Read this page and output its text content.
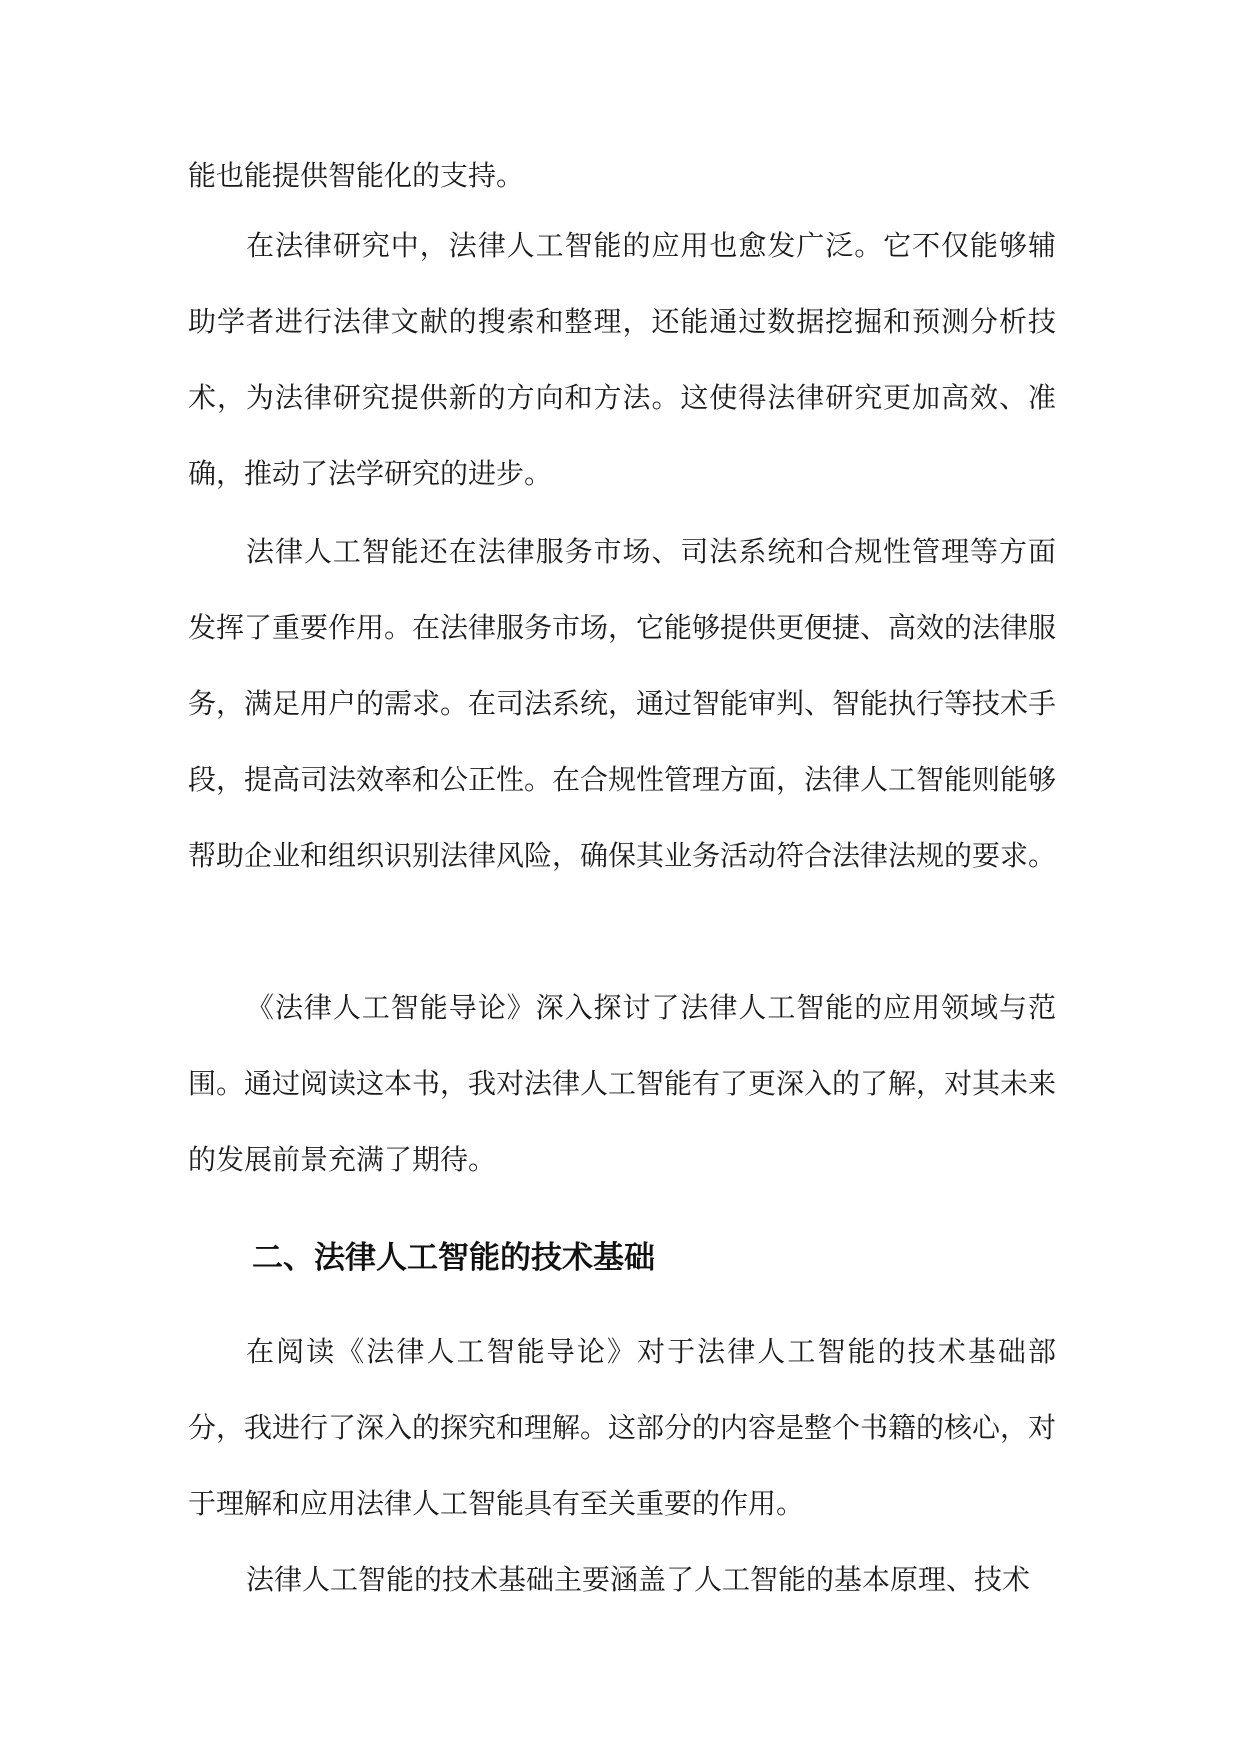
能也能提供智能化的支持。

在法律研究中，法律人工智能的应用也愈发广泛。它不仅能够辅助学者进行法律文献的搜索和整理，还能通过数据挖掘和预测分析技术，为法律研究提供新的方向和方法。这使得法律研究更加高效、准确，推动了法学研究的进步。

法律人工智能还在法律服务市场、司法系统和合规性管理等方面发挥了重要作用。在法律服务市场，它能够提供更便捷、高效的法律服务，满足用户的需求。在司法系统，通过智能审判、智能执行等技术手段，提高司法效率和公正性。在合规性管理方面，法律人工智能则能够帮助企业和组织识别法律风险，确保其业务活动符合法律法规的要求。

《法律人工智能导论》深入探讨了法律人工智能的应用领域与范围。通过阅读这本书，我对法律人工智能有了更深入的了解，对其未来的发展前景充满了期待。

二、法律人工智能的技术基础

在阅读《法律人工智能导论》对于法律人工智能的技术基础部分，我进行了深入的探究和理解。这部分的内容是整个书籍的核心，对于理解和应用法律人工智能具有至关重要的作用。

法律人工智能的技术基础主要涵盖了人工智能的基本原理、技术
